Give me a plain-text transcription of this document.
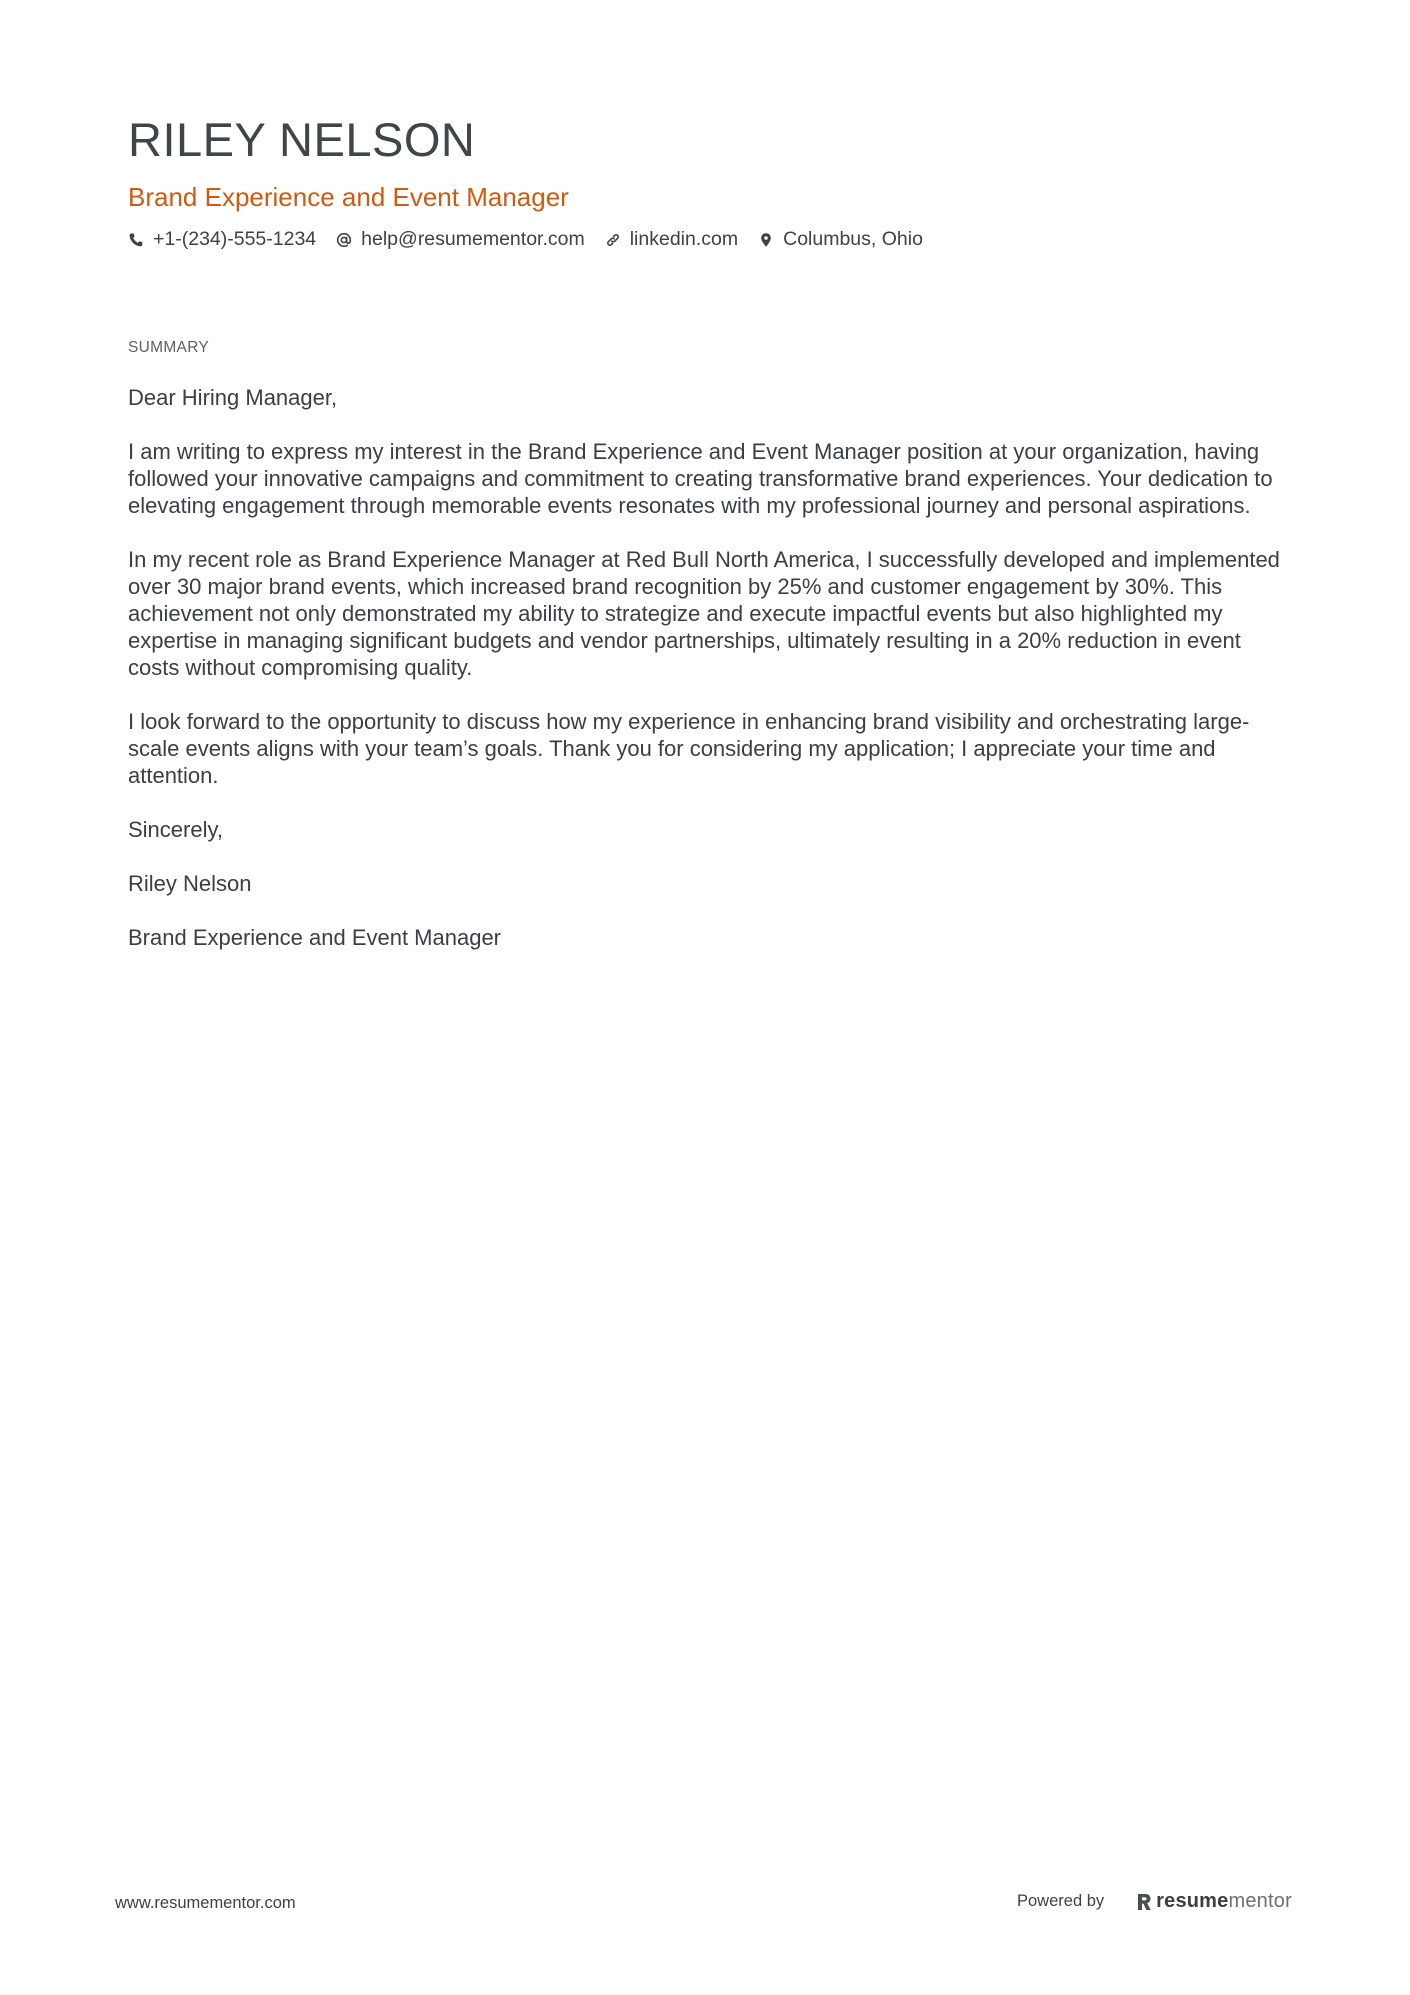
RILEY NELSON
Brand Experience and Event Manager
+1-(234)-555-1234 help@resumementor.com linkedin.com Columbus, Ohio
SUMMARY

Dear Hiring Manager,

I am writing to express my interest in the Brand Experience and Event Manager position at your organization, having followed your innovative campaigns and commitment to creating transformative brand experiences. Your dedication to elevating engagement through memorable events resonates with my professional journey and personal aspirations.

In my recent role as Brand Experience Manager at Red Bull North America, I successfully developed and implemented over 30 major brand events, which increased brand recognition by 25% and customer engagement by 30%. This achievement not only demonstrated my ability to strategize and execute impactful events but also highlighted my expertise in managing significant budgets and vendor partnerships, ultimately resulting in a 20% reduction in event costs without compromising quality.

I look forward to the opportunity to discuss how my experience in enhancing brand visibility and orchestrating large-scale events aligns with your team’s goals. Thank you for considering my application; I appreciate your time and attention.

Sincerely,

Riley Nelson

Brand Experience and Event Manager

www.resumementor.com	Powered by	resume mentor
